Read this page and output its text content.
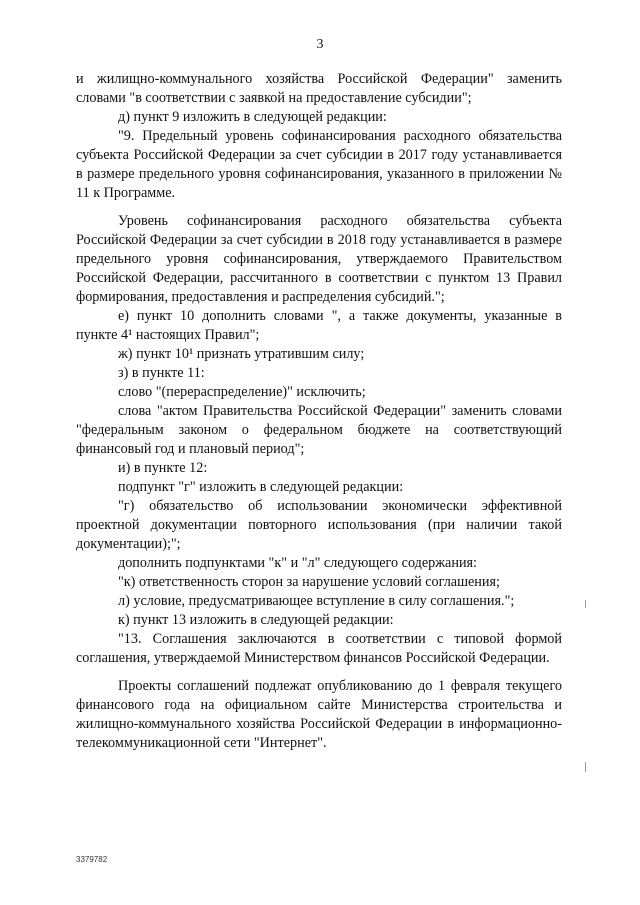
3

и жилищно-коммунального хозяйства Российской Федерации" заменить словами "в соответствии с заявкой на предоставление субсидии";

д) пункт 9 изложить в следующей редакции:

"9. Предельный уровень софинансирования расходного обязательства субъекта Российской Федерации за счет субсидии в 2017 году устанавливается в размере предельного уровня софинансирования, указанного в приложении № 11 к Программе.

Уровень софинансирования расходного обязательства субъекта Российской Федерации за счет субсидии в 2018 году устанавливается в размере предельного уровня софинансирования, утверждаемого Правительством Российской Федерации, рассчитанного в соответствии с пунктом 13 Правил формирования, предоставления и распределения субсидий.";

е) пункт 10 дополнить словами ", а также документы, указанные в пункте 4¹ настоящих Правил";

ж) пункт 10¹ признать утратившим силу;

з) в пункте 11:

слово "(перераспределение)" исключить;

слова "актом Правительства Российской Федерации" заменить словами "федеральным законом о федеральном бюджете на соответствующий финансовый год и плановый период";

и) в пункте 12:

подпункт "г" изложить в следующей редакции:

"г) обязательство об использовании экономически эффективной проектной документации повторного использования (при наличии такой документации);";

дополнить подпунктами "к" и "л" следующего содержания:

"к) ответственность сторон за нарушение условий соглашения;

л) условие, предусматривающее вступление в силу соглашения.";

к) пункт 13 изложить в следующей редакции:

"13. Соглашения заключаются в соответствии с типовой формой соглашения, утверждаемой Министерством финансов Российской Федерации.

Проекты соглашений подлежат опубликованию до 1 февраля текущего финансового года на официальном сайте Министерства строительства и жилищно-коммунального хозяйства Российской Федерации в информационно-телекоммуникационной сети "Интернет".

3379782
